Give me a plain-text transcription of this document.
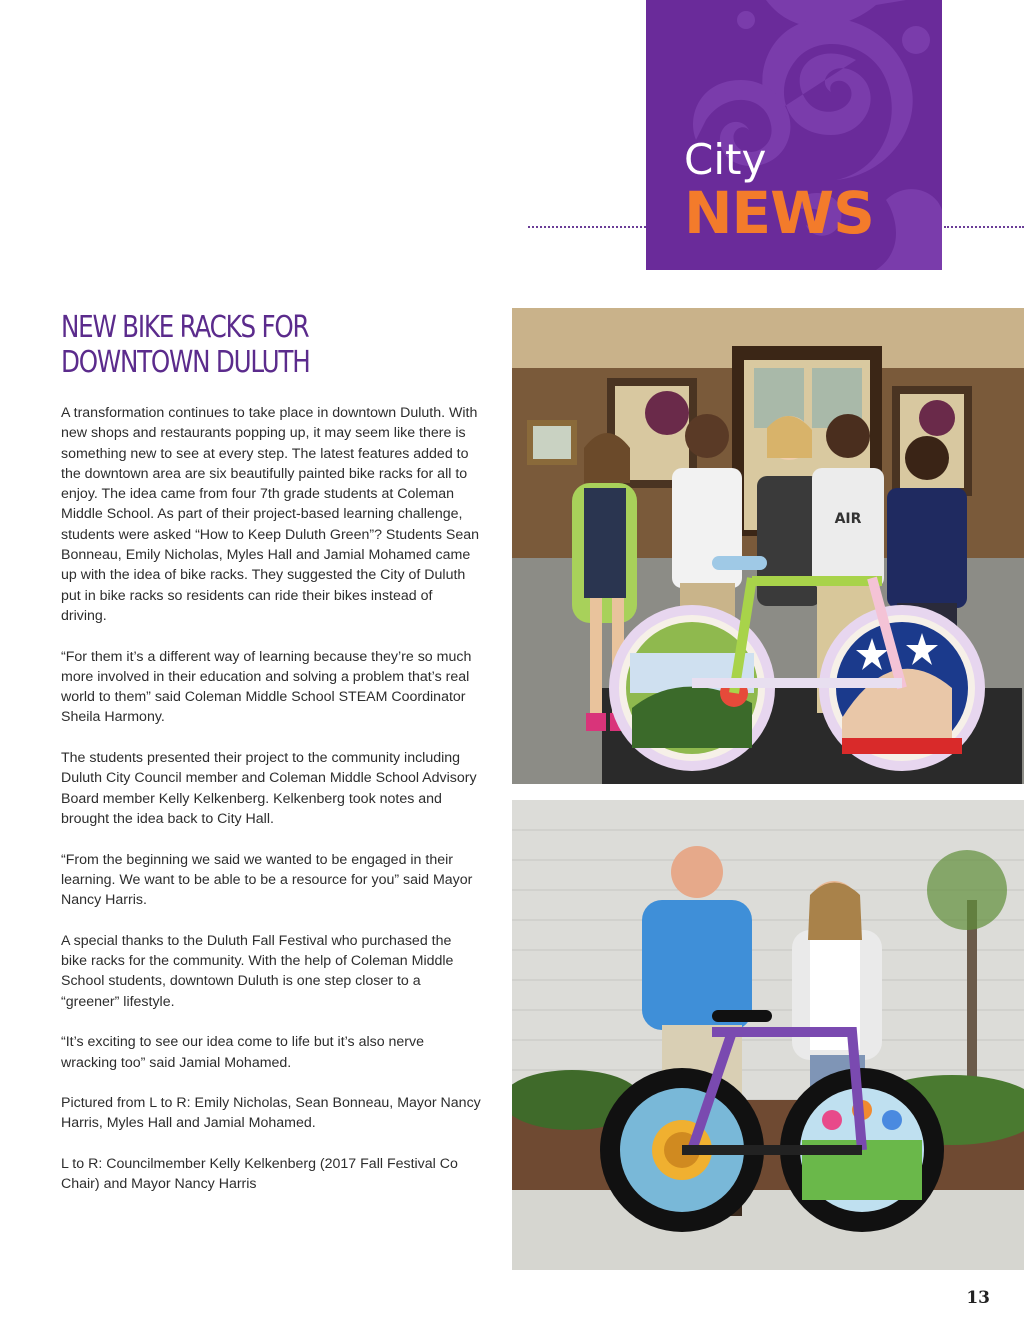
City
NEWS
NEW BIKE RACKS FOR
DOWNTOWN DULUTH

A transformation continues to take place in downtown Duluth. With new shops and restaurants popping up, it may seem like there is something new to see at every step. The latest features added to the downtown area are six beautifully painted bike racks for all to enjoy. The idea came from four 7th grade students at Coleman Middle School. As part of their project-based learning challenge, students were asked “How to Keep Duluth Green”? Students Sean Bonneau, Emily Nicholas, Myles Hall and Jamial Mohamed came up with the idea of bike racks. They suggested the City of Duluth put in bike racks so residents can ride their bikes instead of driving.

“For them it’s a different way of learning because they’re so much more involved in their education and solving a problem that’s real world to them” said Coleman Middle School STEAM Coordinator Sheila Harmony.

The students presented their project to the community including Duluth City Council member and Coleman Middle School Advisory Board member Kelly Kelkenberg. Kelkenberg took notes and brought the idea back to City Hall.

“From the beginning we said we wanted to be engaged in their learning. We want to be able to be a resource for you” said Mayor Nancy Harris.

A special thanks to the Duluth Fall Festival who purchased the bike racks for the community. With the help of Coleman Middle School students, downtown Duluth is one step closer to a “greener” lifestyle.

“It’s exciting to see our idea come to life but it’s also nerve wracking too” said Jamial Mohamed.

Pictured from L to R: Emily Nicholas, Sean Bonneau, Mayor Nancy Harris, Myles Hall and Jamial Mohamed.

L to R: Councilmember Kelly Kelkenberg (2017 Fall Festival Co Chair) and Mayor Nancy Harris

AIR
13
